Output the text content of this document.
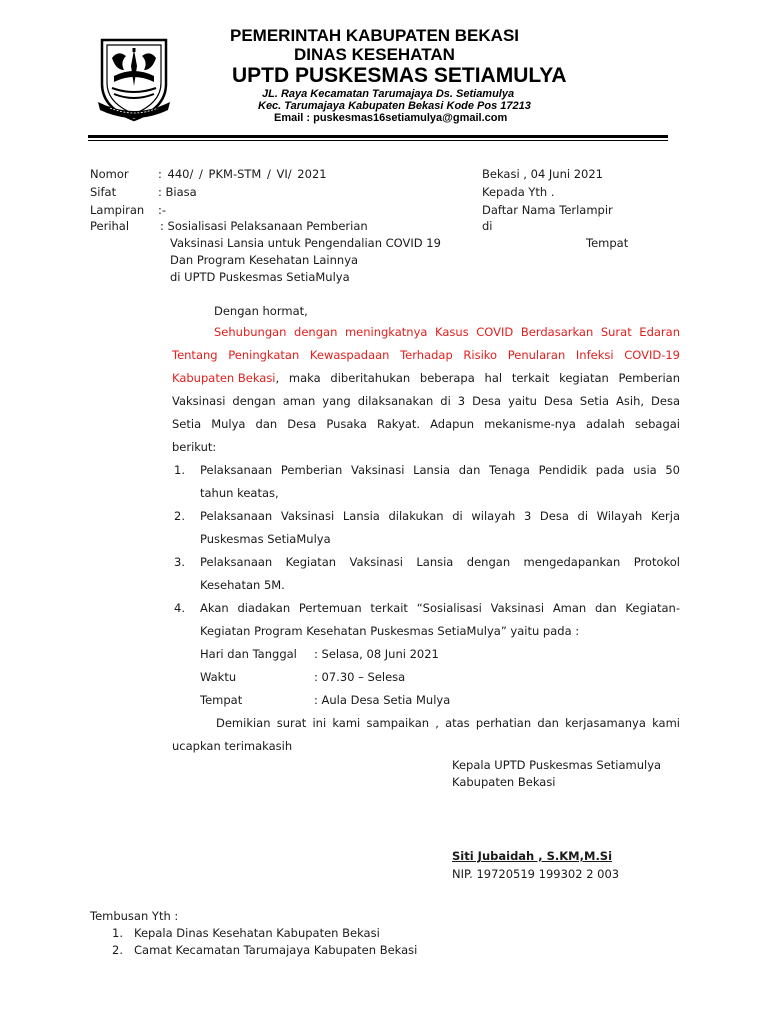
PEMERINTAH KABUPATEN BEKASI
DINAS KESEHATAN
UPTD PUSKESMAS SETIAMULYA
JL. Raya Kecamatan Tarumajaya Ds. Setiamulya
Kec. Tarumajaya Kabupaten Bekasi Kode Pos 17213
Email : puskesmas16setiamulya@gmail.com
Nomor	: 440/ / PKM-STM / VI/ 2021
Sifat	: Biasa
Lampiran :-
Perihal	: Sosialisasi Pelaksanaan Pemberian
Vaksinasi Lansia untuk Pengendalian COVID 19
Dan Program Kesehatan Lainnya
di UPTD Puskesmas SetiaMulya
Bekasi , 04 Juni 2021
Kepada Yth .
Daftar Nama Terlampir
di
Tempat
Dengan hormat,
Sehubungan dengan meningkatnya Kasus COVID Berdasarkan Surat Edaran
Tentang Peningkatan Kewaspadaan Terhadap Risiko Penularan Infeksi COVID-19
Kabupaten Bekasi , maka diberitahukan beberapa hal terkait kegiatan Pemberian
Vaksinasi dengan aman yang dilaksanakan di 3 Desa yaitu Desa Setia Asih, Desa
Setia Mulya dan Desa Pusaka Rakyat. Adapun mekanisme-nya adalah sebagai
berikut:
1. Pelaksanaan Pemberian Vaksinasi Lansia dan Tenaga Pendidik pada usia 50
tahun keatas,
2. Pelaksanaan Vaksinasi Lansia dilakukan di wilayah 3 Desa di Wilayah Kerja
Puskesmas SetiaMulya
3. Pelaksanaan Kegiatan Vaksinasi Lansia dengan mengedapankan Protokol
Kesehatan 5M.
4. Akan diadakan Pertemuan terkait “Sosialisasi Vaksinasi Aman dan Kegiatan-
Kegiatan Program Kesehatan Puskesmas SetiaMulya” yaitu pada :
Hari dan Tanggal : Selasa, 08 Juni 2021
Waktu	: 07.30 – Selesa
Tempat	: Aula Desa Setia Mulya
Demikian surat ini kami sampaikan , atas perhatian dan kerjasamanya kami
ucapkan terimakasih
Kepala UPTD Puskesmas Setiamulya
Kabupaten Bekasi
Siti Jubaidah , S.KM,M.Si
NIP. 19720519 199302 2 003
Tembusan Yth :
1. Kepala Dinas Kesehatan Kabupaten Bekasi
2. Camat Kecamatan Tarumajaya Kabupaten Bekasi
